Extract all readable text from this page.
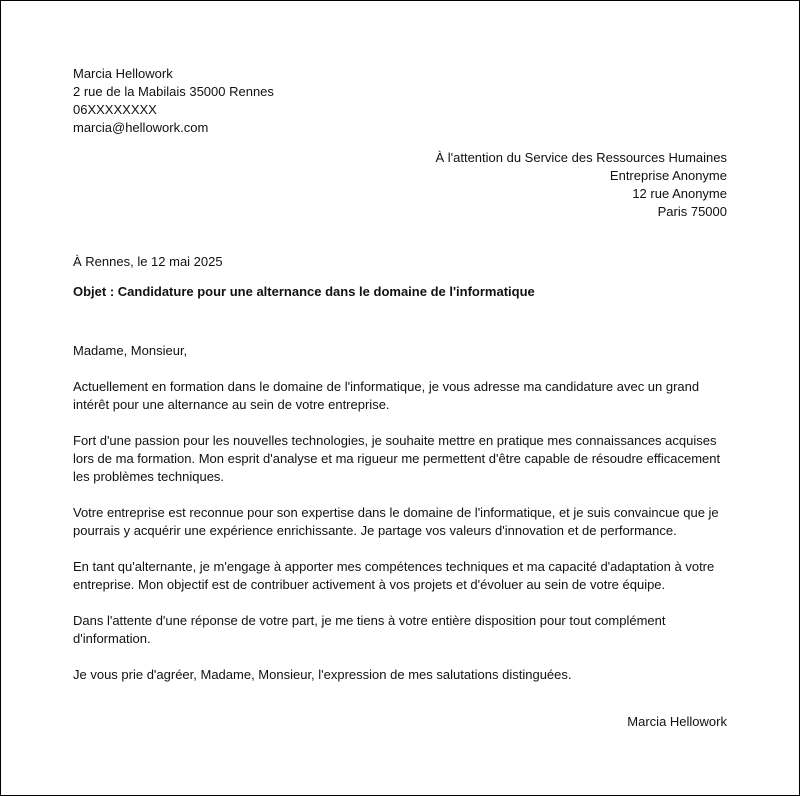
Marcia Hellowork
2 rue de la Mabilais 35000 Rennes
06XXXXXXXX
marcia@hellowork.com
À l'attention du Service des Ressources Humaines
Entreprise Anonyme
12 rue Anonyme
Paris 75000
À Rennes, le 12 mai 2025
Objet : Candidature pour une alternance dans le domaine de l'informatique

Madame, Monsieur,

Actuellement en formation dans le domaine de l'informatique, je vous adresse ma candidature avec un grand intérêt pour une alternance au sein de votre entreprise.

Fort d'une passion pour les nouvelles technologies, je souhaite mettre en pratique mes connaissances acquises lors de ma formation. Mon esprit d'analyse et ma rigueur me permettent d'être capable de résoudre efficacement les problèmes techniques.

Votre entreprise est reconnue pour son expertise dans le domaine de l'informatique, et je suis convaincue que je pourrais y acquérir une expérience enrichissante. Je partage vos valeurs d'innovation et de performance.

En tant qu'alternante, je m'engage à apporter mes compétences techniques et ma capacité d'adaptation à votre entreprise. Mon objectif est de contribuer activement à vos projets et d'évoluer au sein de votre équipe.

Dans l'attente d'une réponse de votre part, je me tiens à votre entière disposition pour tout complément d'information.

Je vous prie d'agréer, Madame, Monsieur, l'expression de mes salutations distinguées.

Marcia Hellowork
